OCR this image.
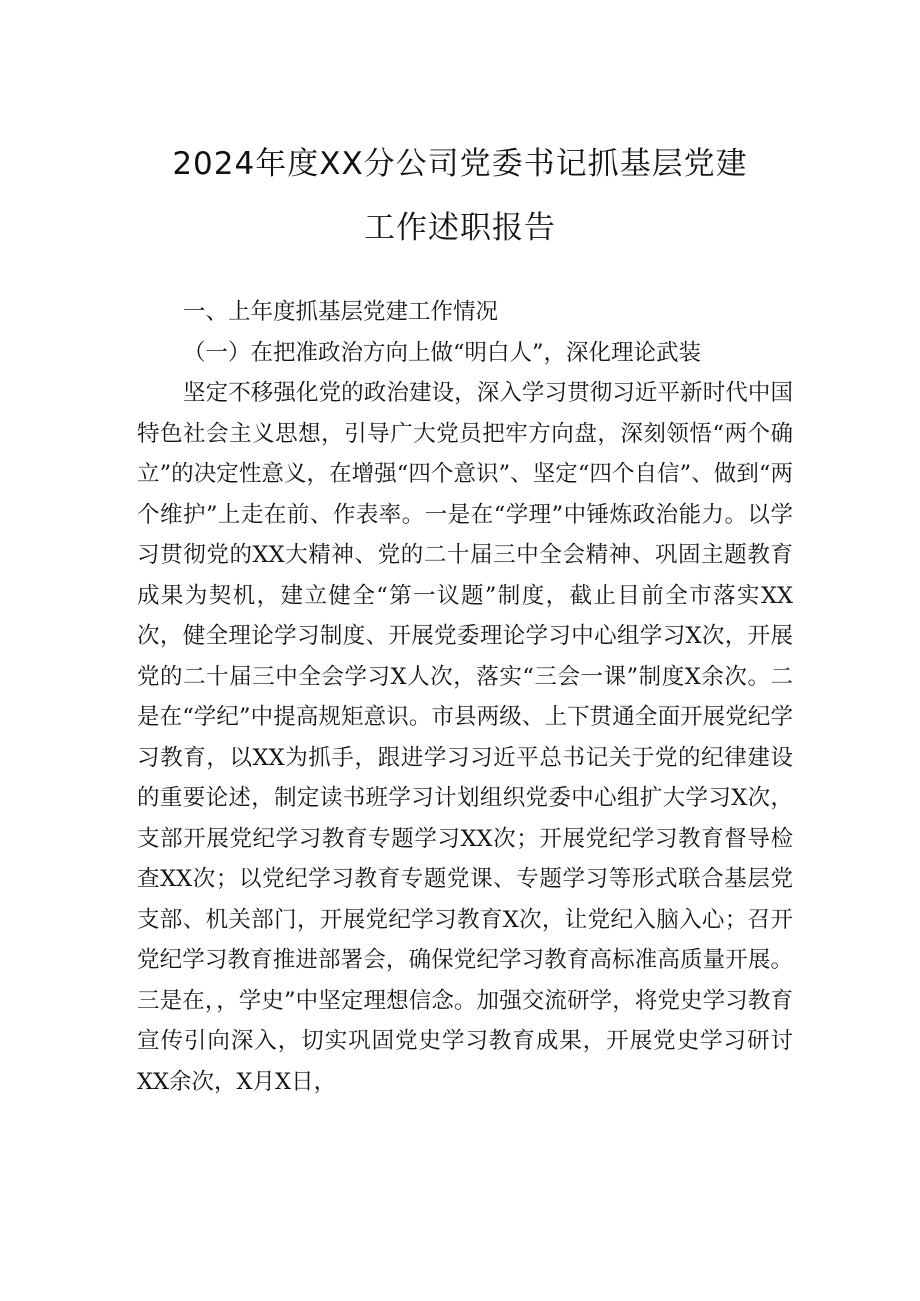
2024年度XX分公司党委书记抓基层党建
工作述职报告
一、上年度抓基层党建工作情况
（一）在把准政治方向上做“明白人”，深化理论武装

坚定不移强化党的政治建设，深入学习贯彻习近平新时代中国特色社会主义思想，引导广大党员把牢方向盘，深刻领悟“两个确立”的决定性意义，在增强“四个意识”、坚定“四个自信”、做到“两个维护”上走在前、作表率。一是在“学理”中锤炼政治能力。以学习贯彻党的XX大精神、党的二十届三中全会精神、巩固主题教育成果为契机，建立健全“第一议题”制度，截止目前全市落实XX次，健全理论学习制度、开展党委理论学习中心组学习X次，开展党的二十届三中全会学习X人次，落实“三会一课”制度X余次。二是在“学纪”中提高规矩意识。市县两级、上下贯通全面开展党纪学习教育，以XX为抓手，跟进学习习近平总书记关于党的纪律建设的重要论述，制定读书班学习计划组织党委中心组扩大学习X次，支部开展党纪学习教育专题学习XX次；开展党纪学习教育督导检查XX次；以党纪学习教育专题党课、专题学习等形式联合基层党支部、机关部门，开展党纪学习教育X次，让党纪入脑入心；召开党纪学习教育推进部署会，确保党纪学习教育高标准高质量开展。三是在，，学史”中坚定理想信念。加强交流研学，将党史学习教育宣传引向深入，切实巩固党史学习教育成果，开展党史学习研讨XX余次，X月X日，
